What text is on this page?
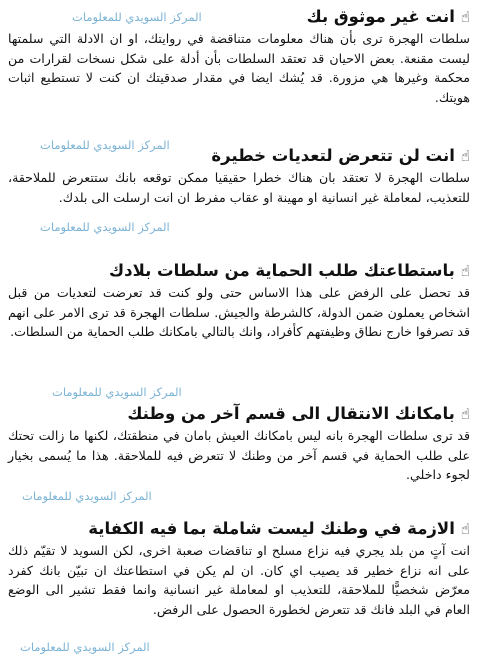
المركز السويدي للمعلومات
المركز السويدي للمعلومات
المركز السويدي للمعلومات
المركز السويدي للمعلومات
المركز السويدي للمعلومات
المركز السويدي للمعلومات
☝
انت غير موثوق بك
سلطات الهجرة ترى بأن هناك معلومات متناقضة في روايتك، او ان الادلة التي سلمتها ليست مقنعة. بعض الاحيان قد تعتقد السلطات بأن أدلة على شكل نسخات لقرارات من محكمة وغيرها هي مزورة. قد يُشك ايضا في مقدار صدقيتك ان كنت لا تستطيع اثبات هويتك.
☝
انت لن تتعرض لتعديات خطيرة
سلطات الهجرة لا تعتقد بان هناك خطرا حقيقيا ممكن توقعه بانك ستتعرض للملاحقة، للتعذيب، لمعاملة غير انسانية او مهينة او عقاب مفرط ان انت ارسلت الى بلدك.
☝
باستطاعتك طلب الحماية من سلطات بلادك
قد تحصل على الرفض على هذا الاساس حتى ولو كنت قد تعرضت لتعديات من قبل اشخاص يعملون ضمن الدولة، كالشرطة والجيش. سلطات الهجرة قد ترى الامر على انهم قد تصرفوا خارج نطاق وظيفتهم كأفراد، وانك بالتالي بامكانك طلب الحماية من السلطات.
☝
بامكانك الانتقال الى قسم آخر من وطنك
قد ترى سلطات الهجرة بانه ليس بامكانك العيش بامان في منطقتك، لكنها ما زالت تحتك على طلب الحماية في قسم آخر من وطنك لا تتعرض فيه للملاحقة. هذا ما يُسمى بخيار لجوء داخلي.
☝
الازمة في وطنك ليست شاملة بما فيه الكفاية
انت آتٍ من بلد يجري فيه نزاع مسلح او تناقضات صعبة اخرى، لكن السويد لا تقيّم ذلك على انه نزاع خطير قد يصيب اي كان. ان لم يكن في استطاعتك ان تبيّن بانك كفرد معرّض شخصيًّا للملاحقة، للتعذيب او لمعاملة غير انسانية وانما فقط تشير الى الوضع العام في البلد فانك قد تتعرض لخطورة الحصول على الرفض.
